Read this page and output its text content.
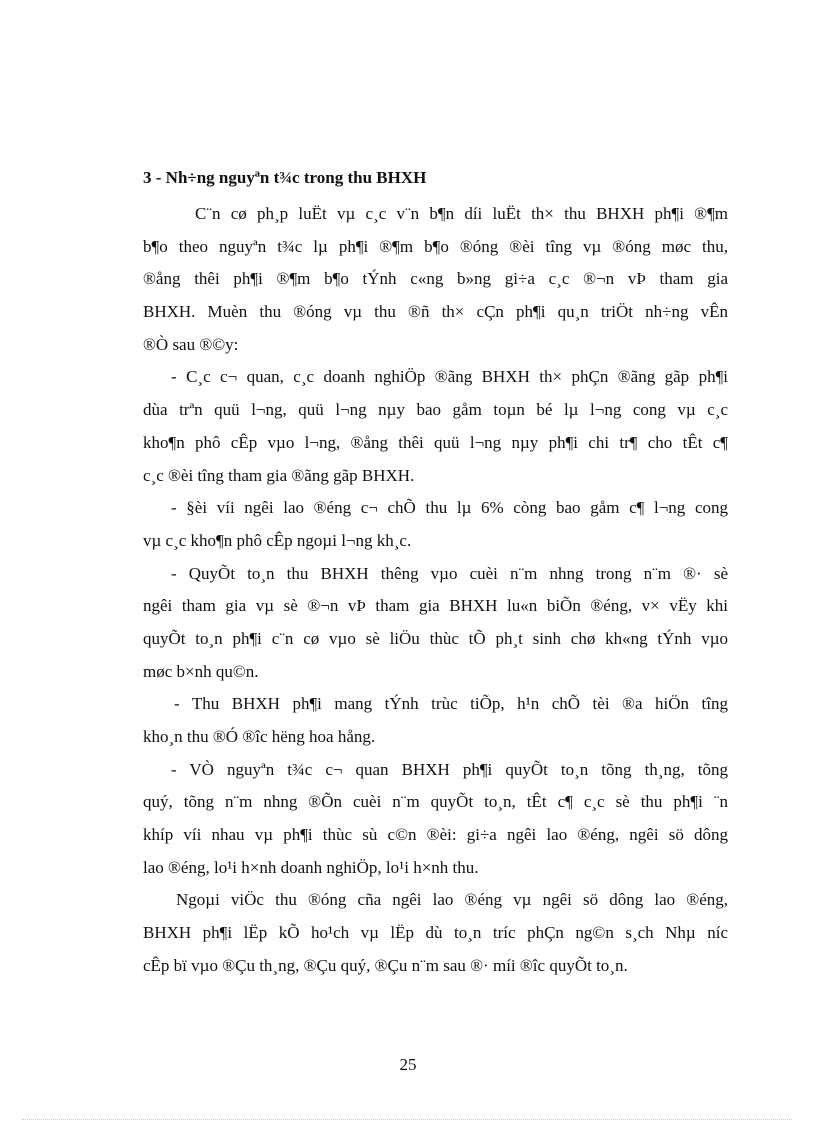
3 - Nh÷ng nguyªn t¾c trong thu BHXH
C¨n cø ph¸p luËt vµ c¸c v¨n b¶n díi luËt th× thu BHXH ph¶i ®¶m
b¶o theo nguyªn t¾c lµ ph¶i ®¶m b¶o ®óng ®èi tîng vµ ®óng møc thu,
®ång thêi ph¶i ®¶m b¶o tÝnh c«ng b»ng gi÷a c¸c ®¬n vÞ tham gia
BHXH. Muèn thu ®óng vµ thu ®ñ th× cÇn ph¶i qu¸n triÖt nh÷ng vÊn
®Ò sau ®©y:
- C¸c c¬ quan, c¸c doanh nghiÖp ®ãng BHXH th× phÇn ®ãng gãp ph¶i
dùa trªn quü l¬ng, quü l¬ng nµy bao gåm toµn bé lµ l¬ng cong vµ c¸c
kho¶n phô cÊp vµo l¬ng, ®ång thêi quü l¬ng nµy ph¶i chi tr¶ cho tÊt c¶
c¸c ®èi tîng tham gia ®ãng gãp BHXH.
- §èi víi ngêi lao ®éng c¬ chÕ thu lµ 6% còng bao gåm c¶ l¬ng cong
vµ c¸c kho¶n phô cÊp ngoµi l¬ng kh¸c.
- QuyÕt to¸n thu BHXH thêng vµo cuèi n¨m nhng trong n¨m ®· sè
ngêi tham gia vµ sè ®¬n vÞ tham gia BHXH lu«n biÕn ®éng, v× vËy khi
quyÕt to¸n ph¶i c¨n cø vµo sè liÖu thùc tÕ ph¸t sinh chø kh«ng tÝnh vµo
møc b×nh qu©n.
- Thu BHXH ph¶i mang tÝnh trùc tiÕp, h¹n chÕ tèi ®a hiÖn tîng
kho¸n thu ®Ó ®îc hëng hoa hång.
- VÒ nguyªn t¾c c¬ quan BHXH ph¶i quyÕt to¸n tõng th¸ng, tõng
quý, tõng n¨m nhng ®Õn cuèi n¨m quyÕt to¸n, tÊt c¶ c¸c sè thu ph¶i ¨n
khíp víi nhau vµ ph¶i thùc sù c©n ®èi: gi÷a ngêi lao ®éng, ngêi sö dông
lao ®éng, lo¹i h×nh doanh nghiÖp, lo¹i h×nh thu.
Ngoµi viÖc thu ®óng cña ngêi lao ®éng vµ ngêi sö dông lao ®éng,
BHXH ph¶i lËp kÕ ho¹ch vµ lËp dù to¸n tríc phÇn ng©n s¸ch Nhµ níc
cÊp bï vµo ®Çu th¸ng, ®Çu quý, ®Çu n¨m sau ®· míi ®îc quyÕt to¸n.
25
